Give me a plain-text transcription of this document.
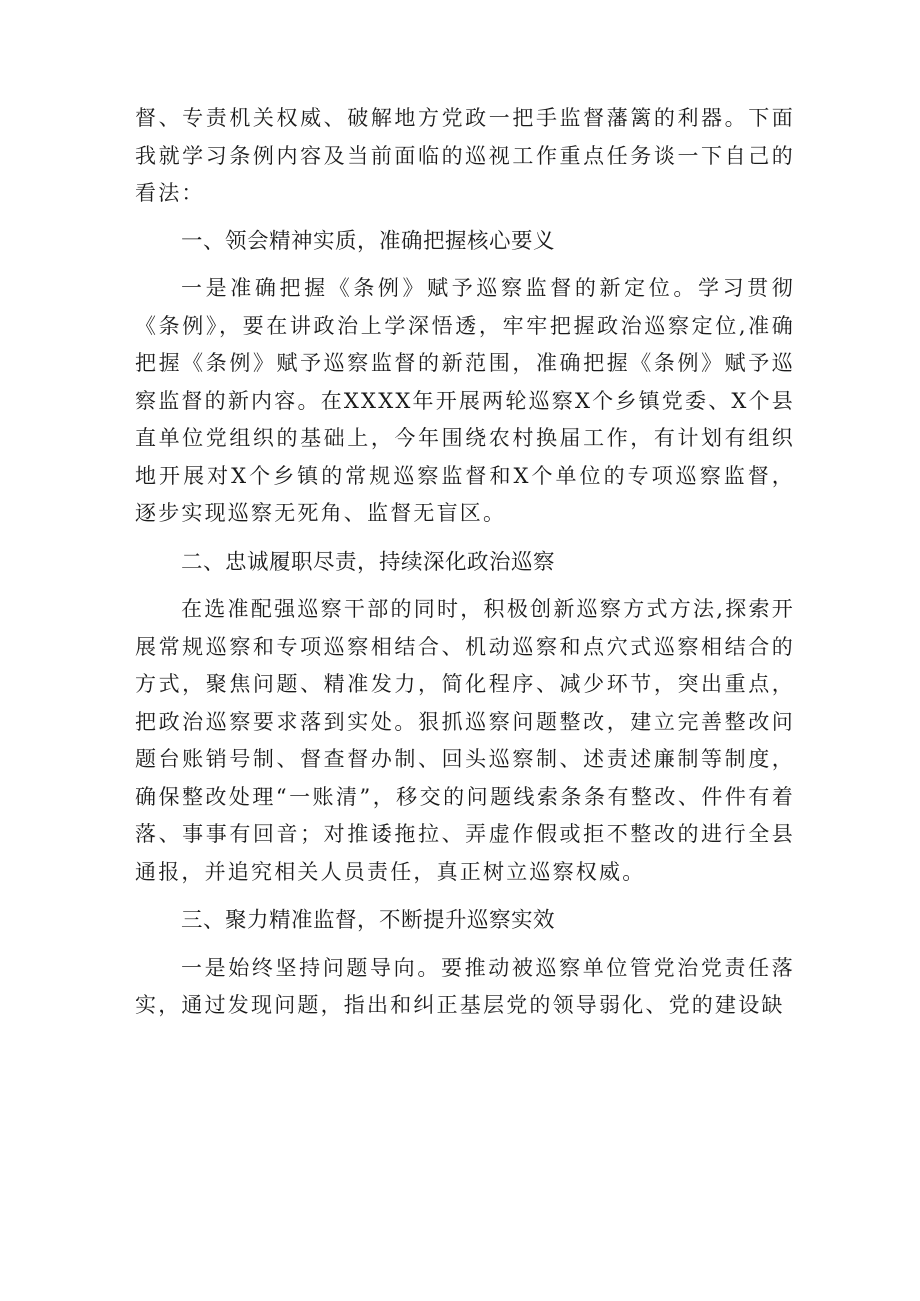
督、专责机关权威、破解地方党政一把手监督藩篱的利器。下面我就学习条例内容及当前面临的巡视工作重点任务谈一下自己的看法：

一、领会精神实质，准确把握核心要义

一是准确把握《条例》赋予巡察监督的新定位。学习贯彻《条例》，要在讲政治上学深悟透，牢牢把握政治巡察定位,准确把握《条例》赋予巡察监督的新范围，准确把握《条例》赋予巡察监督的新内容。在XXXX年开展两轮巡察X个乡镇党委、X个县直单位党组织的基础上，今年围绕农村换届工作，有计划有组织地开展对X个乡镇的常规巡察监督和X个单位的专项巡察监督，逐步实现巡察无死角、监督无盲区。

二、忠诚履职尽责，持续深化政治巡察

在选准配强巡察干部的同时，积极创新巡察方式方法,探索开展常规巡察和专项巡察相结合、机动巡察和点穴式巡察相结合的方式，聚焦问题、精准发力，简化程序、减少环节，突出重点，把政治巡察要求落到实处。狠抓巡察问题整改，建立完善整改问题台账销号制、督查督办制、回头巡察制、述责述廉制等制度，确保整改处理“一账清”，移交的问题线索条条有整改、件件有着落、事事有回音；对推诿拖拉、弄虚作假或拒不整改的进行全县通报，并追究相关人员责任，真正树立巡察权威。

三、聚力精准监督，不断提升巡察实效

一是始终坚持问题导向。要推动被巡察单位管党治党责任落实，通过发现问题，指出和纠正基层党的领导弱化、党的建设缺
